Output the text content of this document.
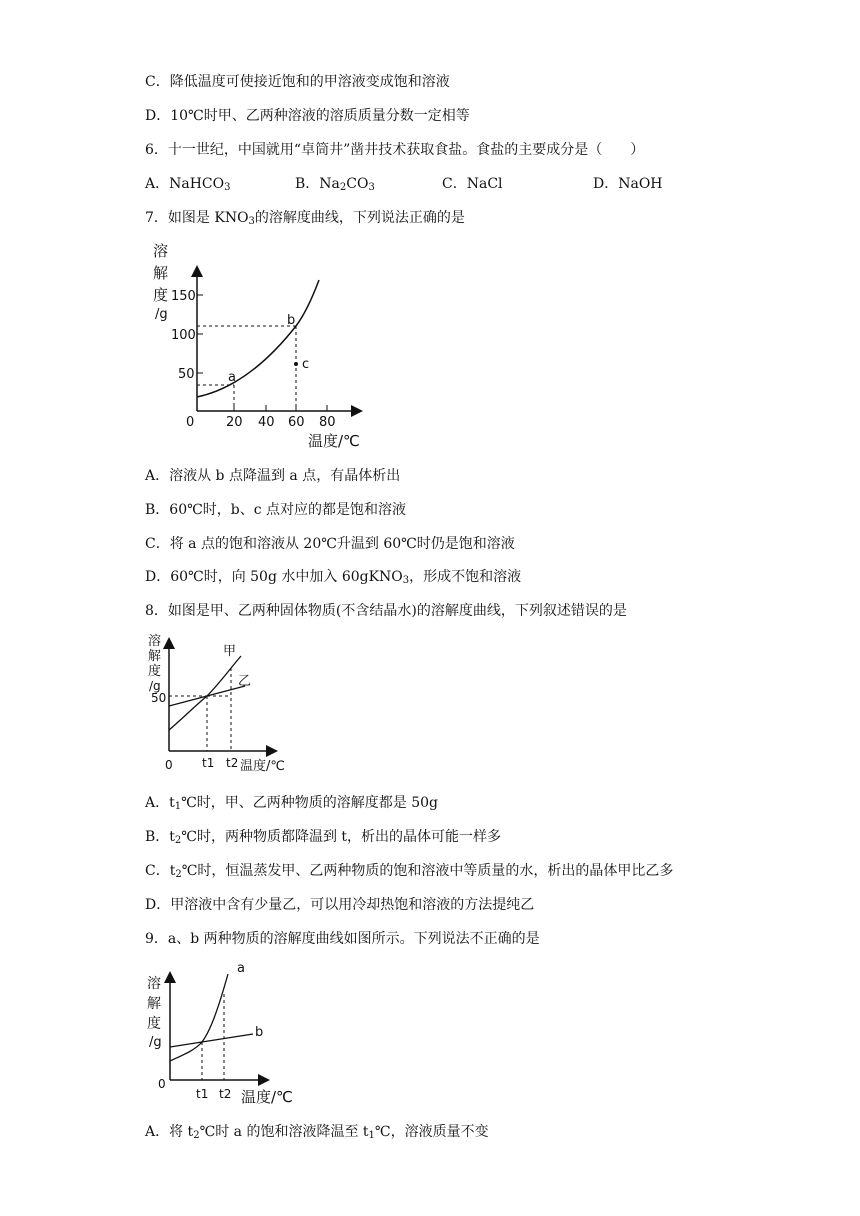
C．降低温度可使接近饱和的甲溶液变成饱和溶液
D．10℃时甲、乙两种溶液的溶质质量分数一定相等
6．十一世纪，中国就用“卓筒井”凿井技术获取食盐。食盐的主要成分是（　　）
A．NaHCO$_3$	B．$Na_2CO_3$	C．NaCl	D．NaOH
7．如图是 $KNO_3$的溶解度曲线，下列说法正确的是
溶
解
度
/g
150
100
50
0 20 40 60 80
温度/℃
a
b
c
A．溶液从 b 点降温到 a 点，有晶体析出
B．60℃时，b、c 点对应的都是饱和溶液
C．将 a 点的饱和溶液从 20℃升温到 60℃时仍是饱和溶液
D．60℃时，向 50g 水中加入 60gKNO$_3$，形成不饱和溶液
8．如图是甲、乙两种固体物质(不含结晶水)的溶解度曲线，下列叙述错误的是
溶
解
度
/g
50
0
甲
乙
t1 t2 温度/℃
A．$t_1℃$时，甲、乙两种物质的溶解度都是 50g
B．$t_2℃$时，两种物质都降温到 t，析出的晶体可能一样多
C．$t_2℃$时，恒温蒸发甲、乙两种物质的饱和溶液中等质量的水，析出的晶体甲比乙多
D．甲溶液中含有少量乙，可以用冷却热饱和溶液的方法提纯乙
9．a、b 两种物质的溶解度曲线如图所示。下列说法不正确的是
溶
解
度
/g
0
a
b
t1 t2 温度/℃
A．将 $t_2℃$时 a 的饱和溶液降温至 $t_1℃$，溶液质量不变
